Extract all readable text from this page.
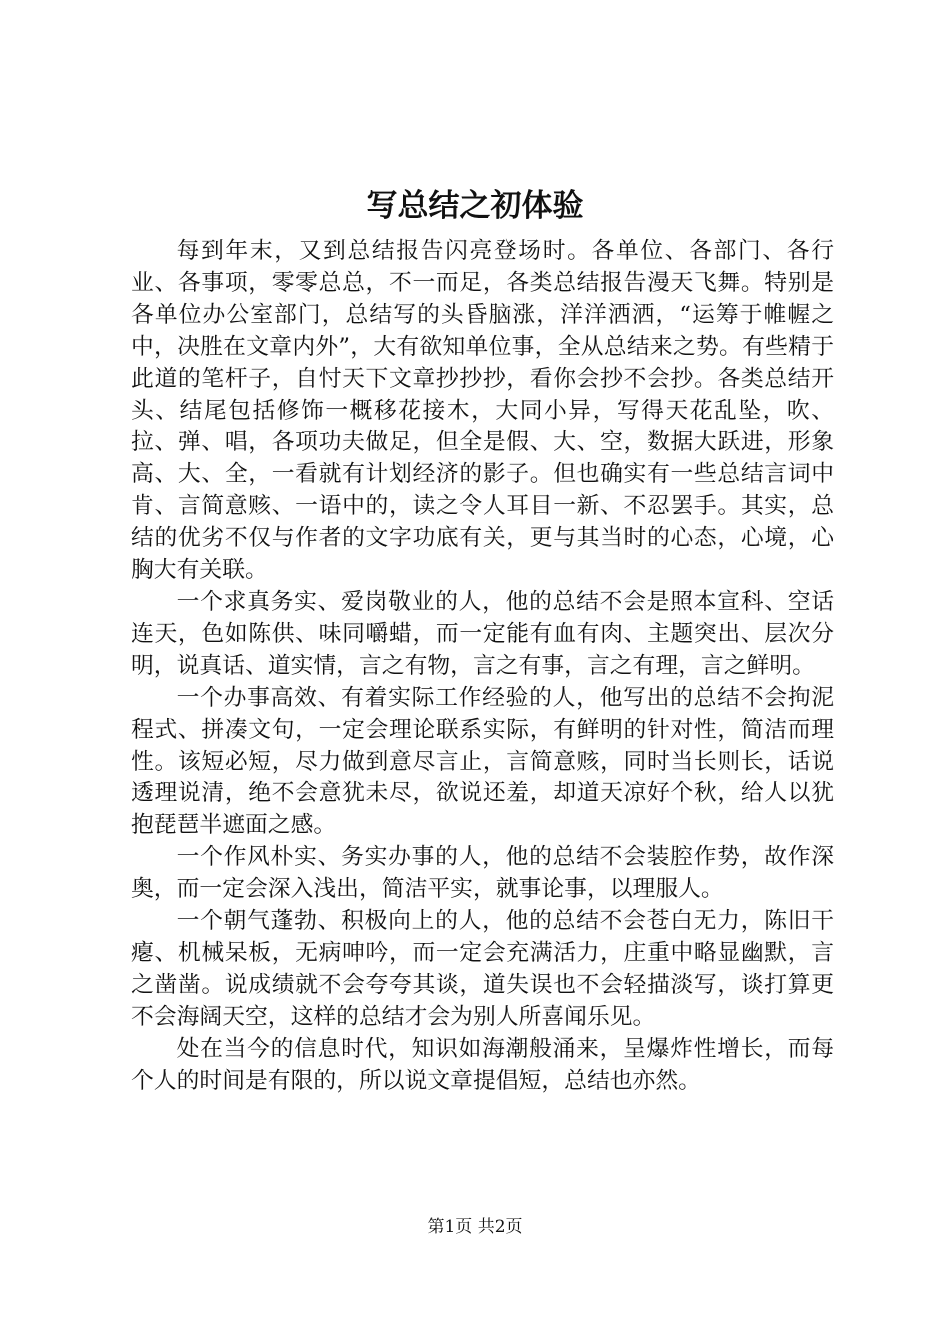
写总结之初体验

每到年末，又到总结报告闪亮登场时。各单位、各部门、各行业、各事项，零零总总，不一而足，各类总结报告漫天飞舞。特别是各单位办公室部门，总结写的头昏脑涨，洋洋洒洒，“运筹于帷幄之中，决胜在文章内外”，大有欲知单位事，全从总结来之势。有些精于此道的笔杆子，自忖天下文章抄抄抄，看你会抄不会抄。各类总结开头、结尾包括修饰一概移花接木，大同小异，写得天花乱坠，吹、拉、弹、唱，各项功夫做足，但全是假、大、空，数据大跃进，形象高、大、全，一看就有计划经济的影子。但也确实有一些总结言词中肯、言简意赅、一语中的，读之令人耳目一新、不忍罢手。其实，总结的优劣不仅与作者的文字功底有关，更与其当时的心态，心境，心胸大有关联。

一个求真务实、爱岗敬业的人，他的总结不会是照本宣科、空话连天，色如陈供、味同嚼蜡，而一定能有血有肉、主题突出、层次分明，说真话、道实情，言之有物，言之有事，言之有理，言之鲜明。

一个办事高效、有着实际工作经验的人，他写出的总结不会拘泥程式、拼凑文句，一定会理论联系实际，有鲜明的针对性，简洁而理性。该短必短，尽力做到意尽言止，言简意赅，同时当长则长，话说透理说清，绝不会意犹未尽，欲说还羞，却道天凉好个秋，给人以犹抱琵琶半遮面之感。

一个作风朴实、务实办事的人，他的总结不会装腔作势，故作深奥，而一定会深入浅出，简洁平实，就事论事，以理服人。

一个朝气蓬勃、积极向上的人，他的总结不会苍白无力，陈旧干瘪、机械呆板，无病呻吟，而一定会充满活力，庄重中略显幽默，言之凿凿。说成绩就不会夸夸其谈，道失误也不会轻描淡写，谈打算更不会海阔天空，这样的总结才会为别人所喜闻乐见。

处在当今的信息时代，知识如海潮般涌来，呈爆炸性增长，而每个人的时间是有限的，所以说文章提倡短，总结也亦然。

第1页 共2页
